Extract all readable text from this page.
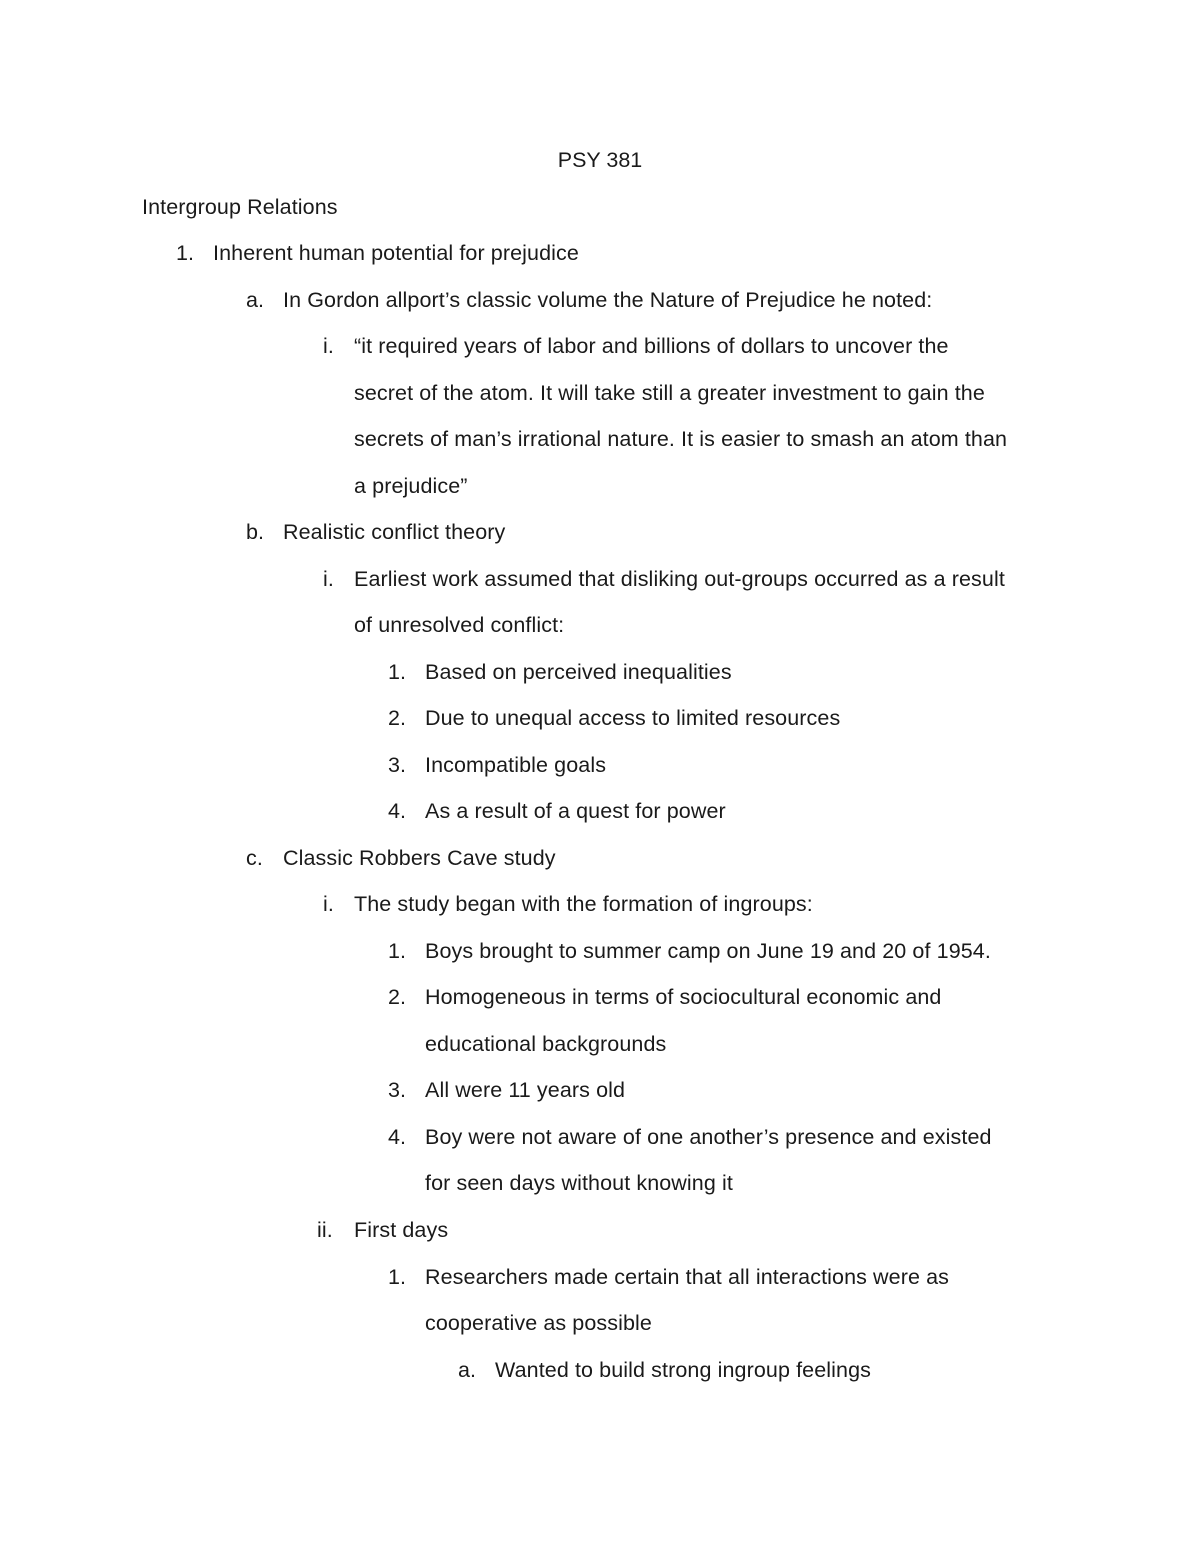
PSY 381
Intergroup Relations
1. Inherent human potential for prejudice
a. In Gordon allport’s classic volume the Nature of Prejudice he noted:
i. “it required years of labor and billions of dollars to uncover the
secret of the atom. It will take still a greater investment to gain the
secrets of man’s irrational nature. It is easier to smash an atom than
a prejudice”
b. Realistic conflict theory
i. Earliest work assumed that disliking out-groups occurred as a result
of unresolved conflict:
1. Based on perceived inequalities
2. Due to unequal access to limited resources
3. Incompatible goals
4. As a result of a quest for power
c. Classic Robbers Cave study
i. The study began with the formation of ingroups:
1. Boys brought to summer camp on June 19 and 20 of 1954.
2. Homogeneous in terms of sociocultural economic and
educational backgrounds
3. All were 11 years old
4. Boy were not aware of one another’s presence and existed
for seen days without knowing it
ii. First days
1. Researchers made certain that all interactions were as
cooperative as possible
a. Wanted to build strong ingroup feelings
